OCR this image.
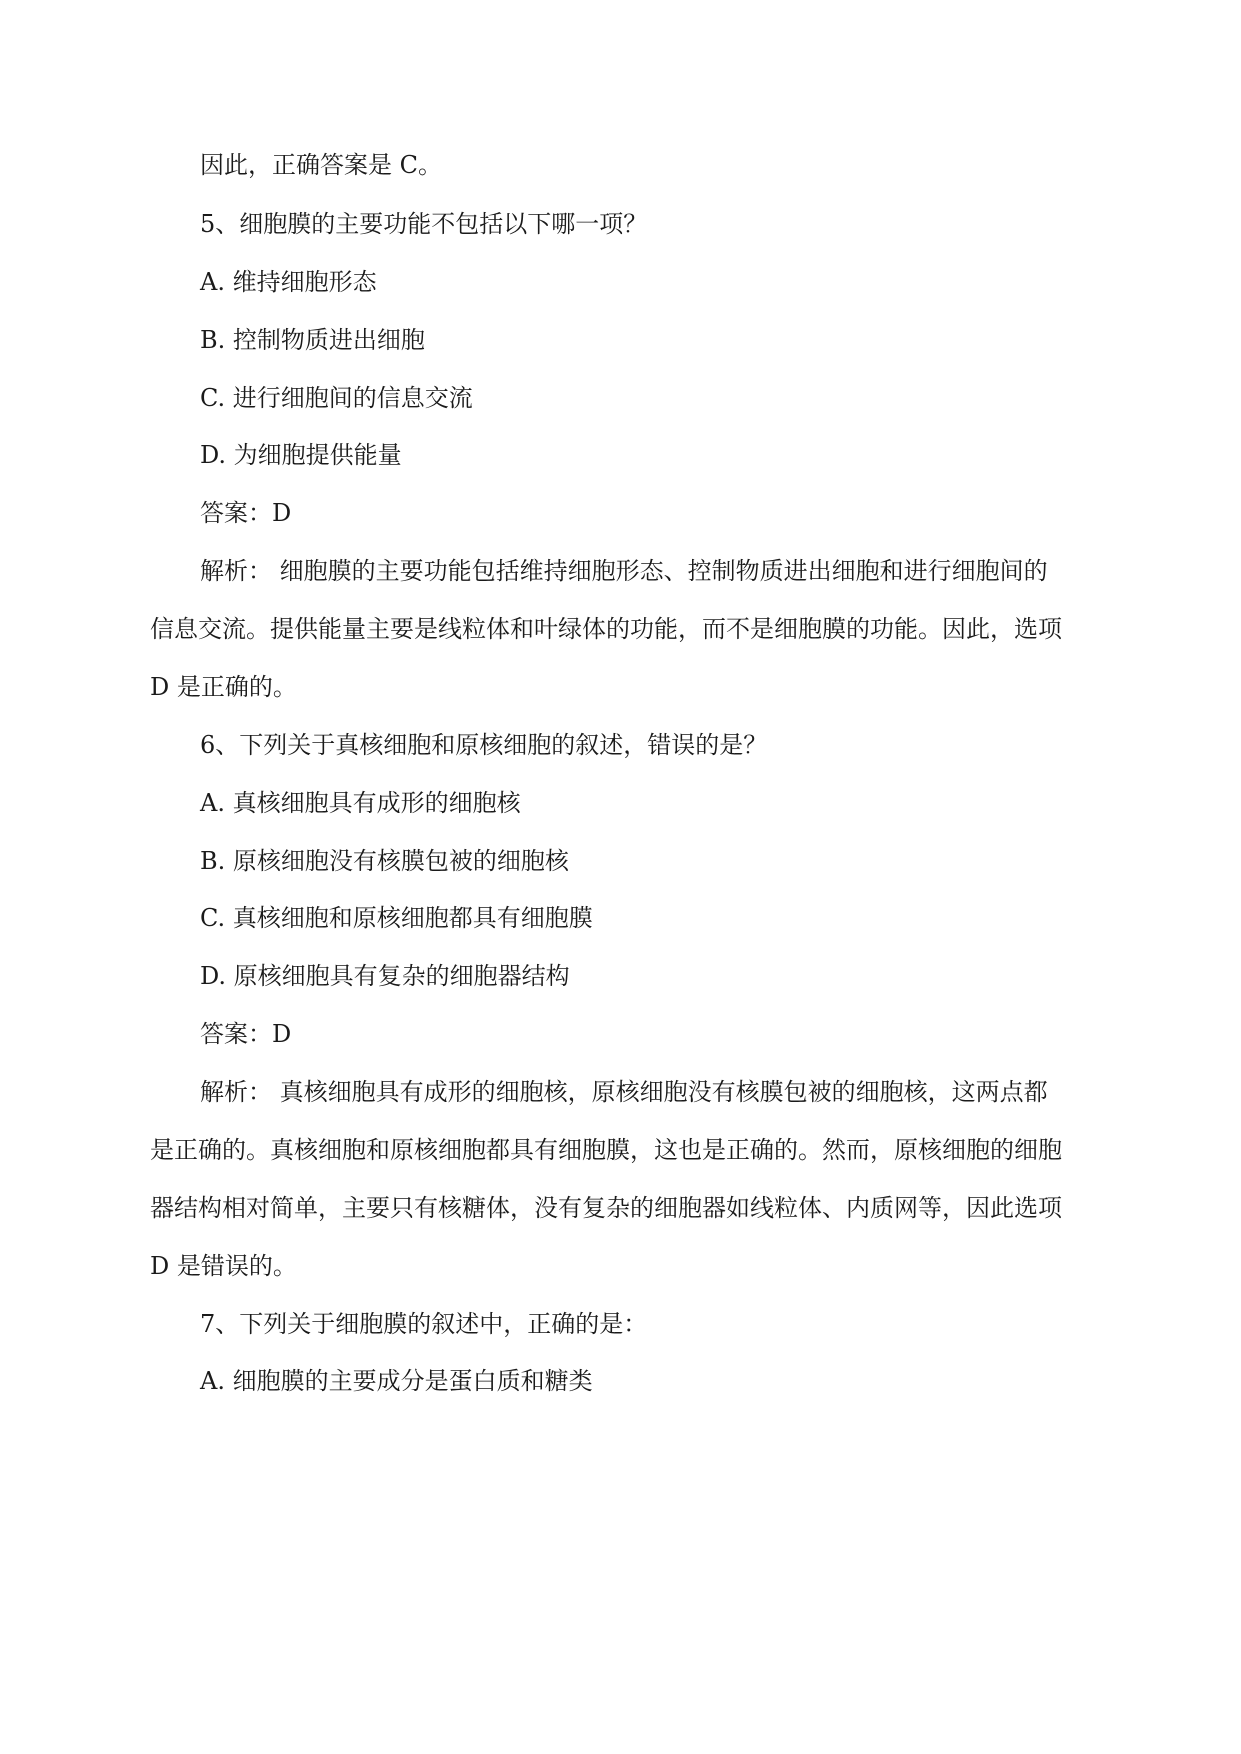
因此，正确答案是 C。
5、细胞膜的主要功能不包括以下哪一项？
A. 维持细胞形态
B. 控制物质进出细胞
C. 进行细胞间的信息交流
D. 为细胞提供能量
答案：D
解析： 细胞膜的主要功能包括维持细胞形态、控制物质进出细胞和进行细胞间的
信息交流。提供能量主要是线粒体和叶绿体的功能，而不是细胞膜的功能。因此，选项
D 是正确的。
6、下列关于真核细胞和原核细胞的叙述，错误的是？
A. 真核细胞具有成形的细胞核
B. 原核细胞没有核膜包被的细胞核
C. 真核细胞和原核细胞都具有细胞膜
D. 原核细胞具有复杂的细胞器结构
答案：D
解析： 真核细胞具有成形的细胞核，原核细胞没有核膜包被的细胞核，这两点都
是正确的。真核细胞和原核细胞都具有细胞膜，这也是正确的。然而，原核细胞的细胞
器结构相对简单，主要只有核糖体，没有复杂的细胞器如线粒体、内质网等，因此选项
D 是错误的。
7、下列关于细胞膜的叙述中，正确的是：
A. 细胞膜的主要成分是蛋白质和糖类
